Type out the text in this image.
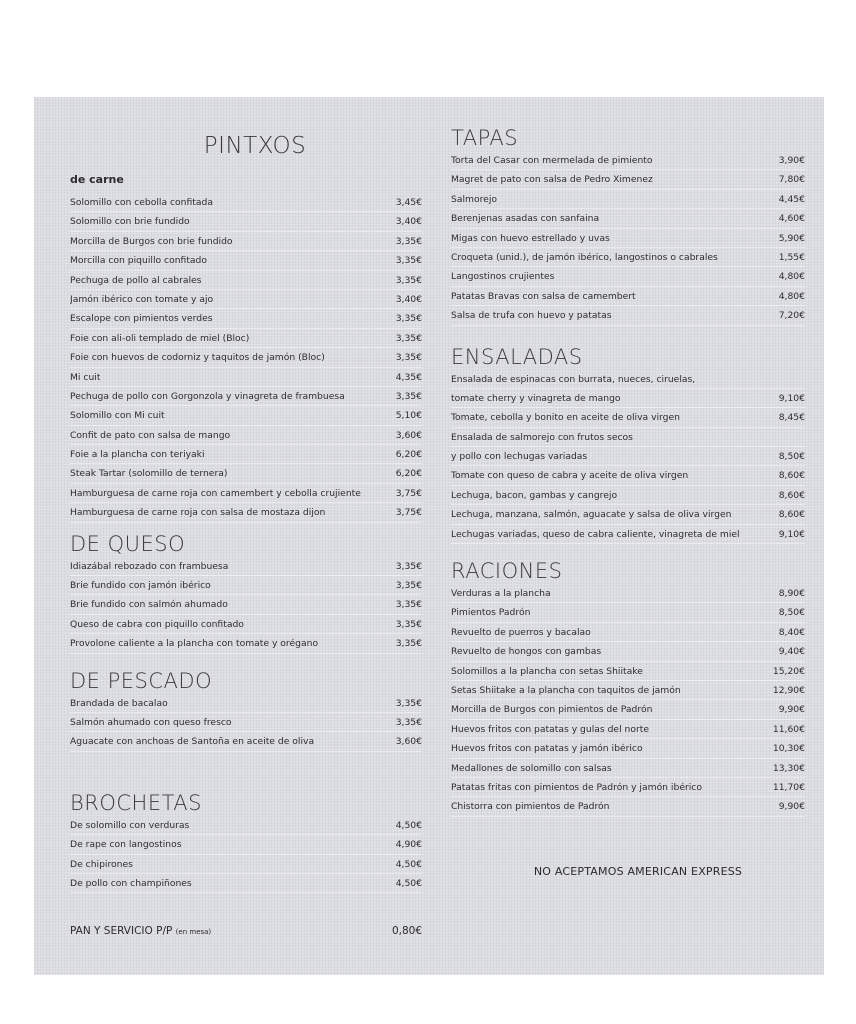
PINTXOS
de carne
Solomillo con cebolla confitada	3,45€
Solomillo con brie fundido	3,40€
Morcilla de Burgos con brie fundido	3,35€
Morcilla con piquillo confitado	3,35€
Pechuga de pollo al cabrales	3,35€
Jamón ibérico con tomate y ajo	3,40€
Escalope con pimientos verdes	3,35€
Foie con ali-oli templado de miel (Bloc)	3,35€
Foie con huevos de codorniz y taquitos de jamón (Bloc)	3,35€
Mi cuit	4,35€
Pechuga de pollo con Gorgonzola y vinagreta de frambuesa	3,35€
Solomillo con Mi cuit	5,10€
Confit de pato con salsa de mango	3,60€
Foie a la plancha con teriyaki	6,20€
Steak Tartar (solomillo de ternera)	6,20€
Hamburguesa de carne roja con camembert y cebolla crujiente	3,75€
Hamburguesa de carne roja con salsa de mostaza dijon	3,75€
DE QUESO
Idiazábal rebozado con frambuesa	3,35€
Brie fundido con jamón ibérico	3,35€
Brie fundido con salmón ahumado	3,35€
Queso de cabra con piquillo confitado	3,35€
Provolone caliente a la plancha con tomate y orégano	3,35€
DE PESCADO
Brandada de bacalao	3,35€
Salmón ahumado con queso fresco	3,35€
Aguacate con anchoas de Santoña en aceite de oliva	3,60€
BROCHETAS
De solomillo con verduras	4,50€
De rape con langostinos	4,90€
De chipirones	4,50€
De pollo con champiñones	4,50€
PAN Y SERVICIO P/P (en mesa)	0,80€
TAPAS
Torta del Casar con mermelada de pimiento	3,90€
Magret de pato con salsa de Pedro Ximenez	7,80€
Salmorejo	4,45€
Berenjenas asadas con sanfaina	4,60€
Migas con huevo estrellado y uvas	5,90€
Croqueta (unid.), de jamón ibérico, langostinos o cabrales	1,55€
Langostinos crujientes	4,80€
Patatas Bravas con salsa de camembert	4,80€
Salsa de trufa con huevo y patatas	7,20€
ENSALADAS
Ensalada de espinacas con burrata, nueces, ciruelas,
tomate cherry y vinagreta de mango	9,10€
Tomate, cebolla y bonito en aceite de oliva virgen	8,45€
Ensalada de salmorejo con frutos secos
y pollo con lechugas variadas	8,50€
Tomate con queso de cabra y aceite de oliva virgen	8,60€
Lechuga, bacon, gambas y cangrejo	8,60€
Lechuga, manzana, salmón, aguacate y salsa de oliva virgen	8,60€
Lechugas variadas, queso de cabra caliente, vinagreta de miel	9,10€
RACIONES
Verduras a la plancha	8,90€
Pimientos Padrón	8,50€
Revuelto de puerros y bacalao	8,40€
Revuelto de hongos con gambas	9,40€
Solomillos a la plancha con setas Shiitake	15,20€
Setas Shiitake a la plancha con taquitos de jamón	12,90€
Morcilla de Burgos con pimientos de Padrón	9,90€
Huevos fritos con patatas y gulas del norte	11,60€
Huevos fritos con patatas y jamón ibérico	10,30€
Medallones de solomillo con salsas	13,30€
Patatas fritas con pimientos de Padrón y jamón ibérico	11,70€
Chistorra con pimientos de Padrón	9,90€
NO ACEPTAMOS AMERICAN EXPRESS
